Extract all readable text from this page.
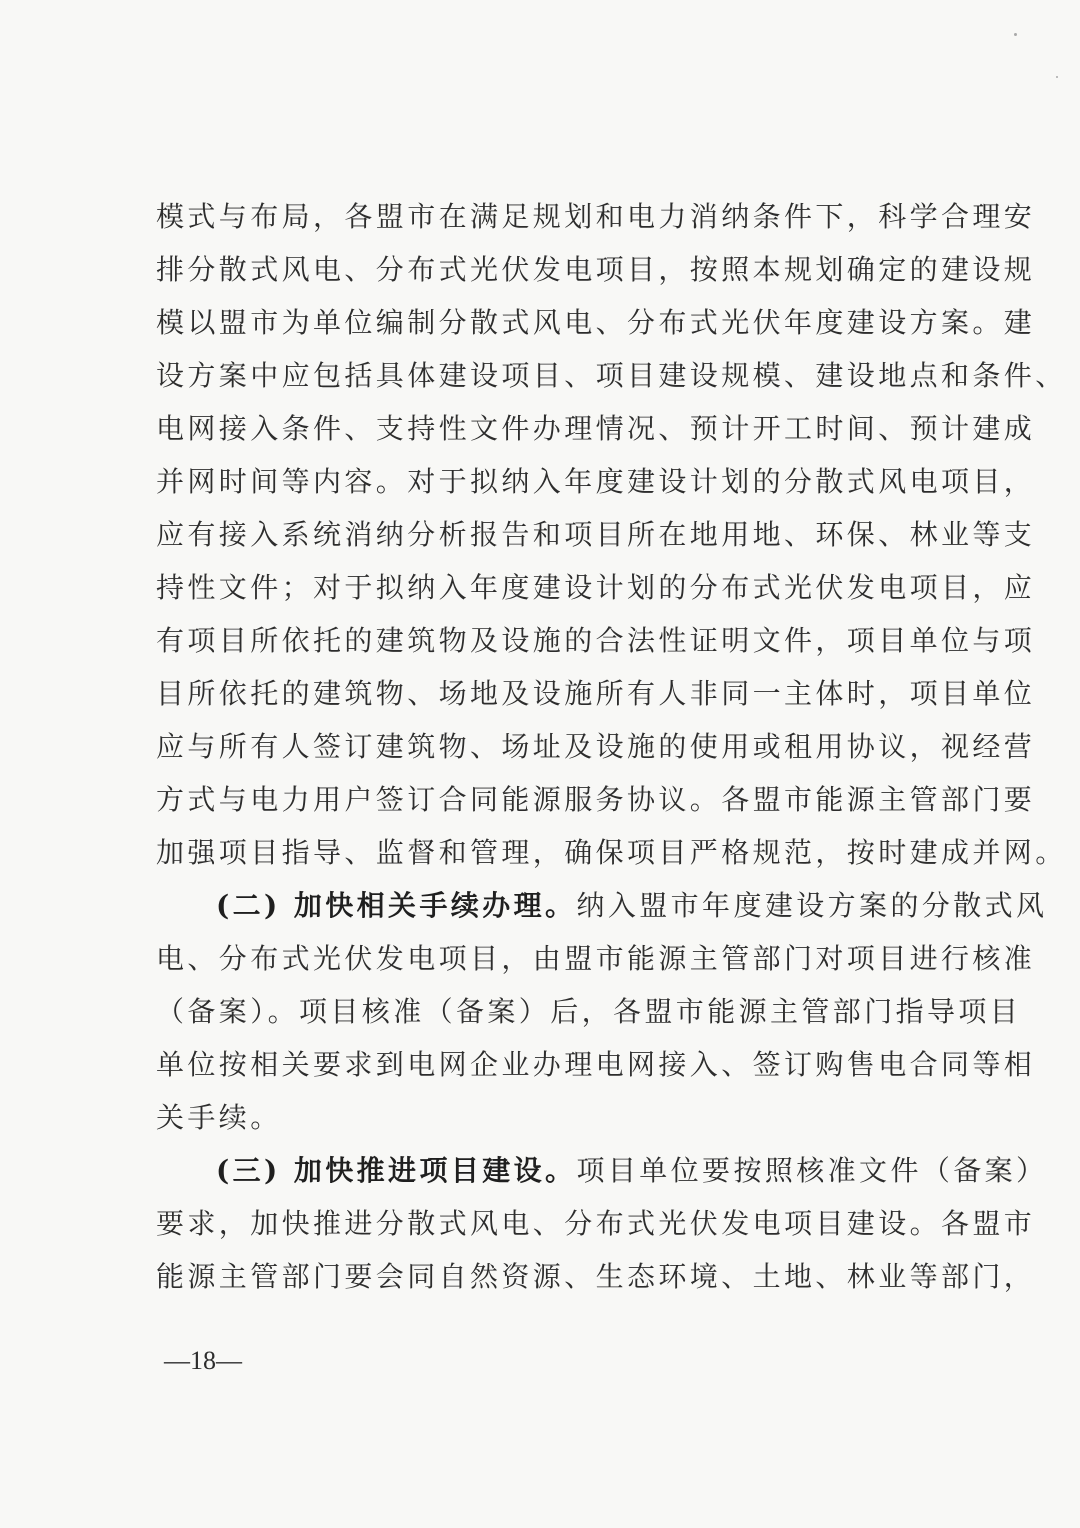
模式与布局，各盟市在满足规划和电力消纳条件下，科学合理安
排分散式风电、分布式光伏发电项目，按照本规划确定的建设规
模以盟市为单位编制分散式风电、分布式光伏年度建设方案。建
设方案中应包括具体建设项目、项目建设规模、建设地点和条件、
电网接入条件、支持性文件办理情况、预计开工时间、预计建成
并网时间等内容。对于拟纳入年度建设计划的分散式风电项目，
应有接入系统消纳分析报告和项目所在地用地、环保、林业等支
持性文件；对于拟纳入年度建设计划的分布式光伏发电项目，应
有项目所依托的建筑物及设施的合法性证明文件，项目单位与项
目所依托的建筑物、场地及设施所有人非同一主体时，项目单位
应与所有人签订建筑物、场址及设施的使用或租用协议，视经营
方式与电力用户签订合同能源服务协议。各盟市能源主管部门要
加强项目指导、监督和管理，确保项目严格规范，按时建成并网。
(二) 加快相关手续办理。纳入盟市年度建设方案的分散式风
电、分布式光伏发电项目，由盟市能源主管部门对项目进行核准
（备案）。项目核准（备案）后，各盟市能源主管部门指导项目
单位按相关要求到电网企业办理电网接入、签订购售电合同等相
关手续。
(三) 加快推进项目建设。项目单位要按照核准文件（备案）
要求，加快推进分散式风电、分布式光伏发电项目建设。各盟市
能源主管部门要会同自然资源、生态环境、土地、林业等部门，
—18—
